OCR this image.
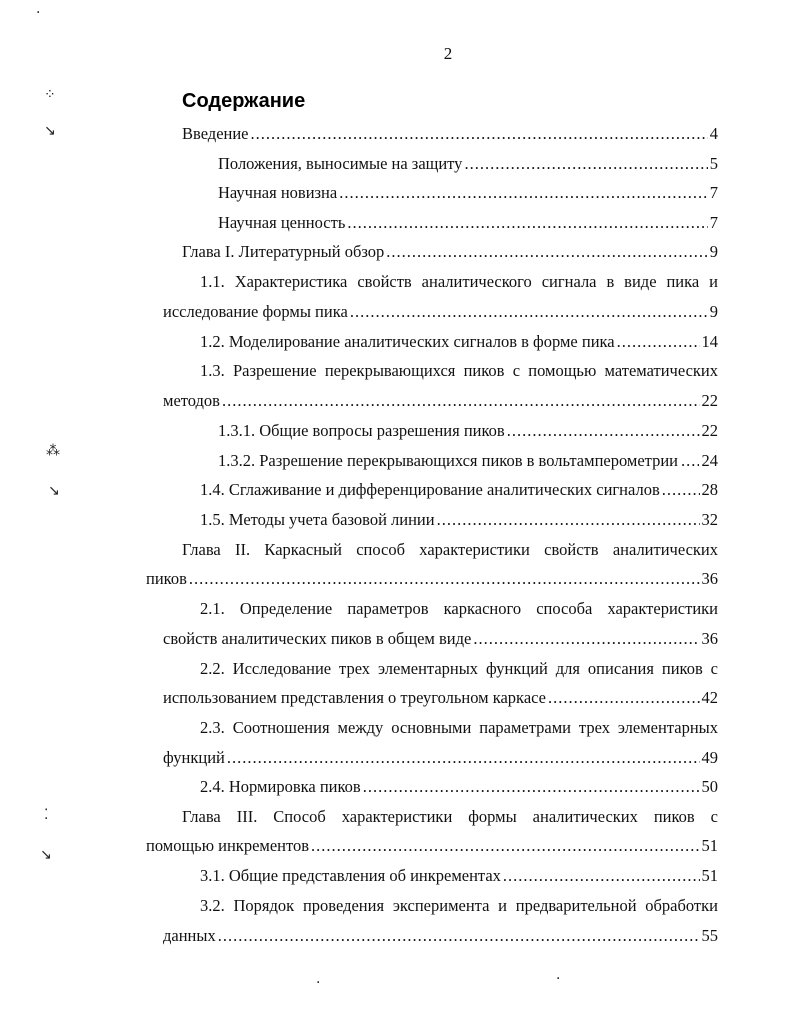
2
Содержание
Введение .....	4
Положения, выносимые на защиту .....	5
Научная новизна .....	7
Научная ценность .....	7
Глава I. Литературный обзор .....	9
1.1. Характеристика свойств аналитического сигнала в виде пика и
исследование формы пика .....	9
1.2. Моделирование аналитических сигналов в форме пика .....	14
1.3. Разрешение перекрывающихся пиков с помощью математических
методов .....	22
1.3.1. Общие вопросы разрешения пиков .....	22
1.3.2. Разрешение перекрывающихся пиков в вольтамперометрии ..... 24
1.4. Сглаживание и дифференцирование аналитических сигналов .....	28
1.5. Методы учета базовой линии .....	32
Глава II. Каркасный способ характеристики свойств аналитических
пиков .....	36
2.1. Определение параметров каркасного способа характеристики
свойств аналитических пиков в общем виде .....	36
2.2. Исследование трех элементарных функций для описания пиков с
использованием представления о треугольном каркасе .....	42
2.3. Соотношения между основными параметрами трех элементарных
функций .....	49
2.4. Нормировка пиков .....	50
Глава III. Способ характеристики формы аналитических пиков с
помощью инкрементов .....	51
3.1. Общие представления об инкрементах .....	51
3.2. Порядок проведения эксперимента и предварительной обработки
данных .....	55
·
⁘
↘
⁂
↘
⁚
↘
·	·
